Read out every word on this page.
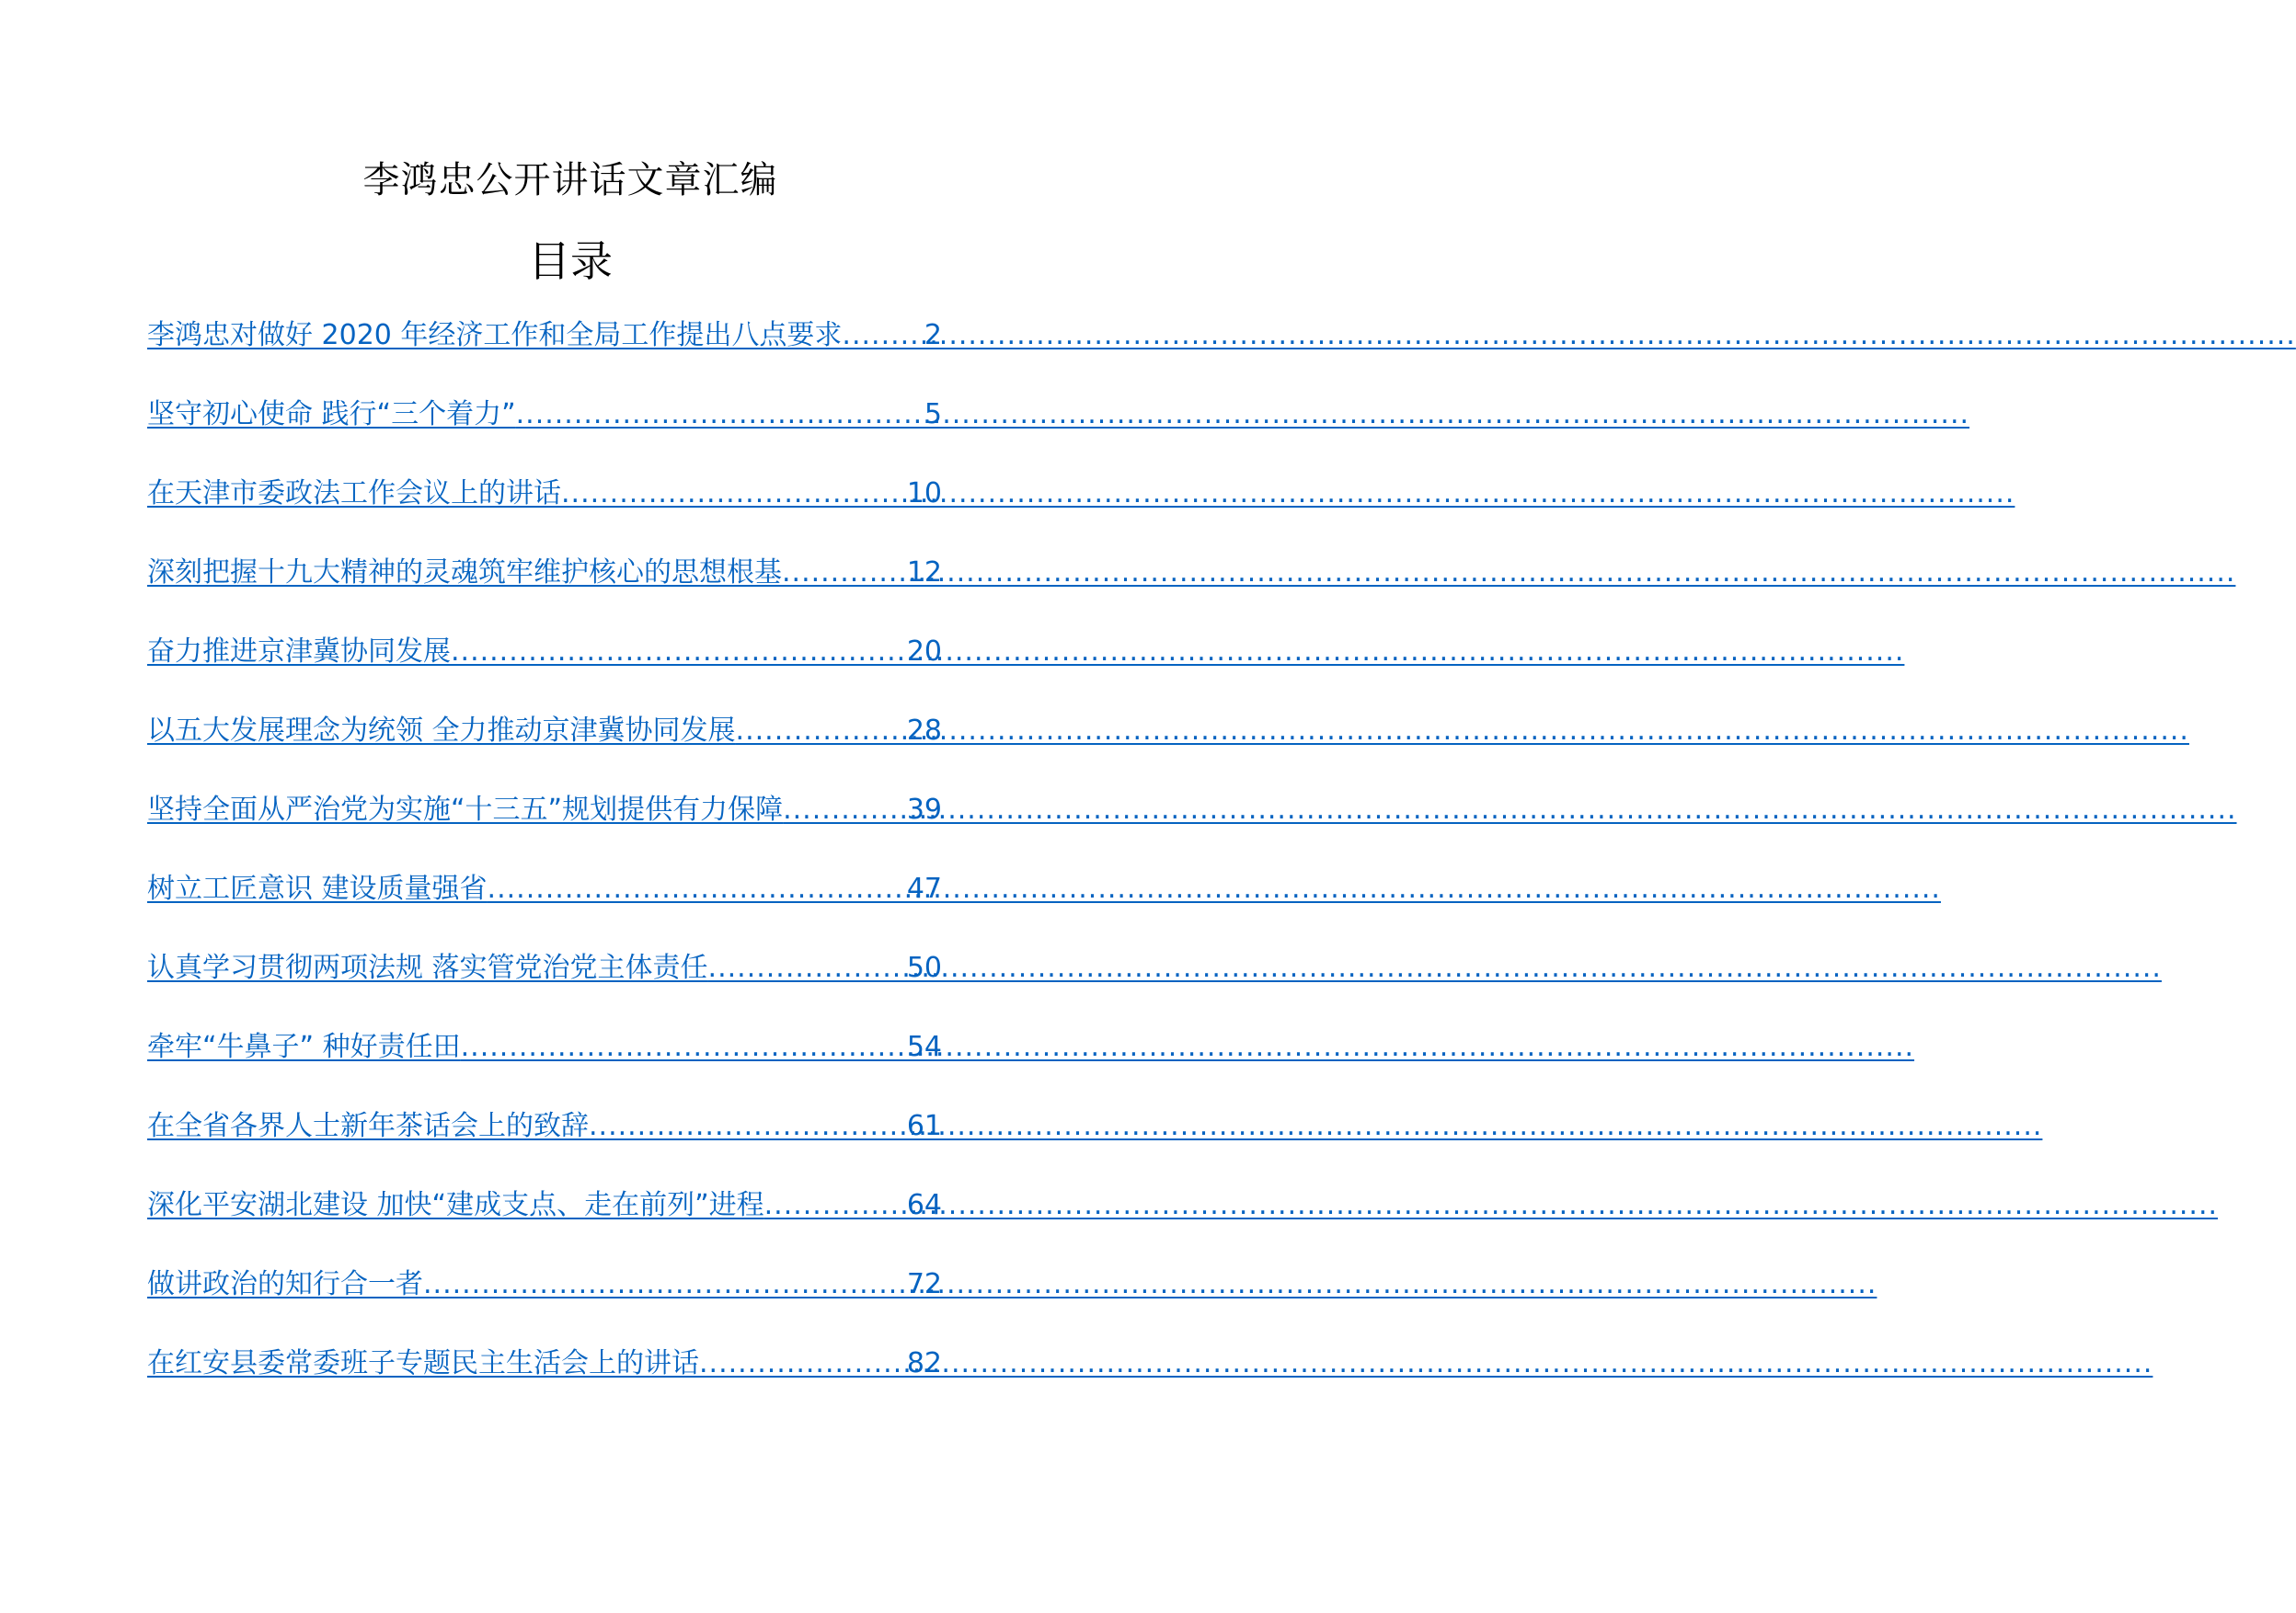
李鸿忠公开讲话文章汇编
目录
李鸿忠对做好 2020 年经济工作和全局工作提出八点要求 .....	2
坚守初心使命 践行“三个着力” .....	5
在天津市委政法工作会议上的讲话 .....	10
深刻把握十九大精神的灵魂筑牢维护核心的思想根基 .....	12
奋力推进京津冀协同发展 .....	20
以五大发展理念为统领 全力推动京津冀协同发展 .....	28
坚持全面从严治党为实施“十三五”规划提供有力保障 .....	39
树立工匠意识 建设质量强省 .....	47
认真学习贯彻两项法规 落实管党治党主体责任 .....	50
牵牢“牛鼻子” 种好责任田 .....	54
在全省各界人士新年茶话会上的致辞 .....	61
深化平安湖北建设 加快“建成支点、走在前列”进程 .....	64
做讲政治的知行合一者 .....	72
在红安县委常委班子专题民主生活会上的讲话 .....	82
